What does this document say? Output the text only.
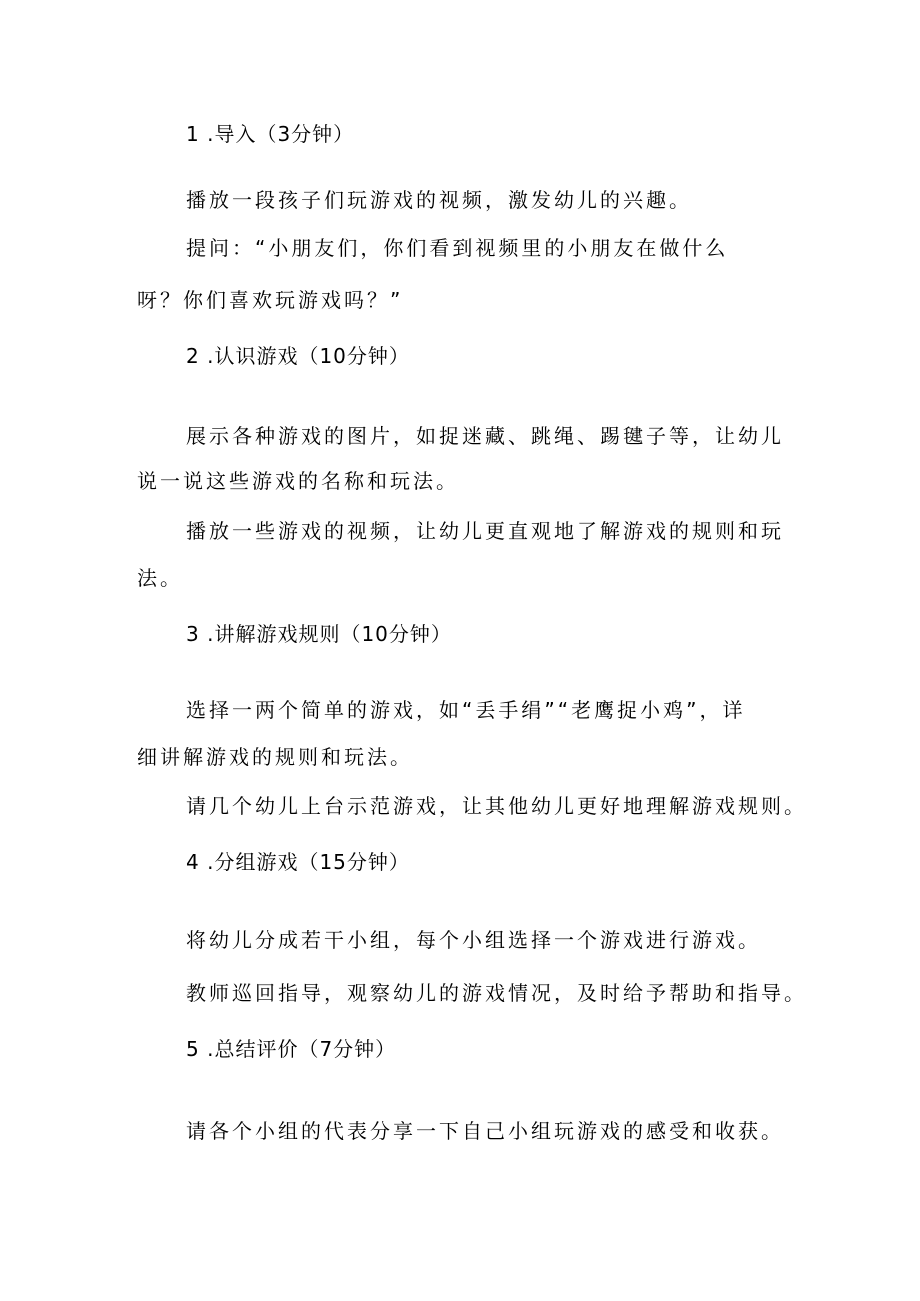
1 .导入（3分钟）
播放一段孩子们玩游戏的视频，激发幼儿的兴趣。
提问：“小朋友们，你们看到视频里的小朋友在做什么
呀？你们喜欢玩游戏吗？”
2 .认识游戏（10分钟）
展示各种游戏的图片，如捉迷藏、跳绳、踢毽子等，让幼儿
说一说这些游戏的名称和玩法。
播放一些游戏的视频，让幼儿更直观地了解游戏的规则和玩
法。
3 .讲解游戏规则（10分钟）
选择一两个简单的游戏，如“丢手绢”“老鹰捉小鸡”，详
细讲解游戏的规则和玩法。
请几个幼儿上台示范游戏，让其他幼儿更好地理解游戏规则。
4 .分组游戏（15分钟）
将幼儿分成若干小组，每个小组选择一个游戏进行游戏。
教师巡回指导，观察幼儿的游戏情况，及时给予帮助和指导。
5 .总结评价（7分钟）
请各个小组的代表分享一下自己小组玩游戏的感受和收获。
